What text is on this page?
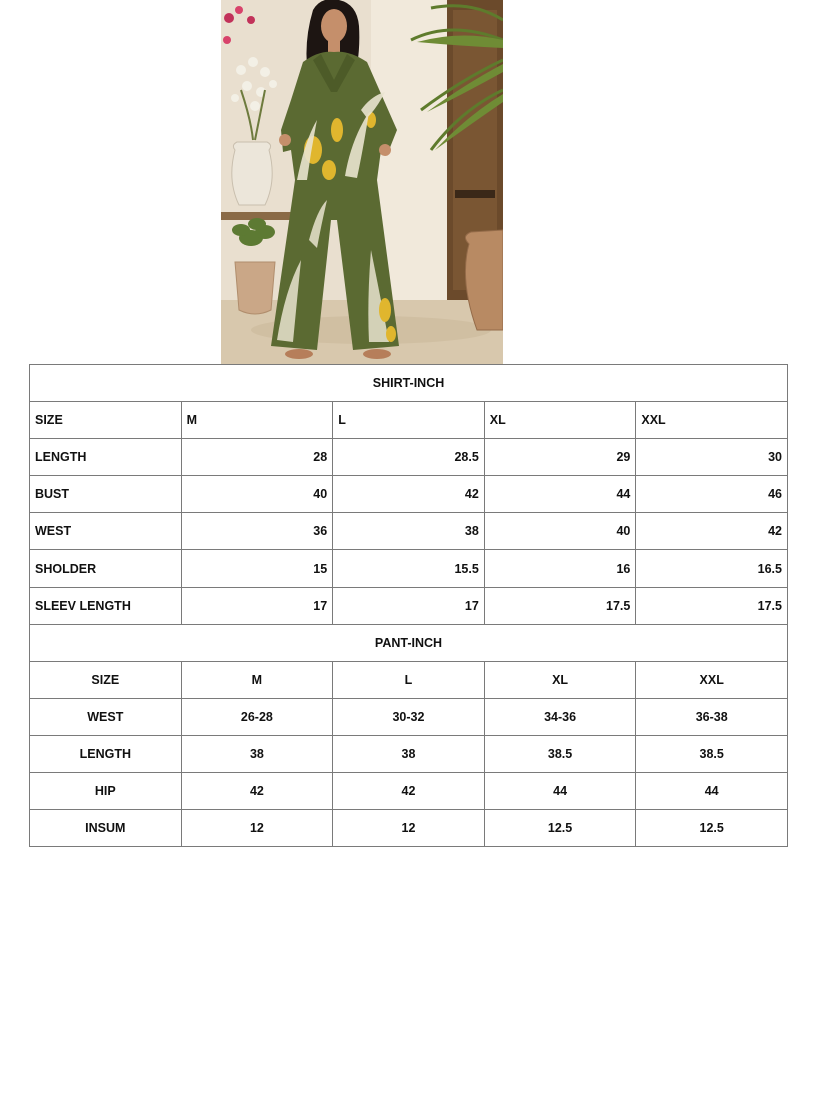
SHIRT-INCH				
SIZE	M	L	XL	XXL
LENGTH	28	28.5	29	30
BUST	40	42	44	46
WEST	36	38	40	42
SHOLDER	15	15.5	16	16.5
SLEEV LENGTH	17	17	17.5	17.5
PANT-INCH				
SIZE	M	L	XL	XXL
WEST	26-28	30-32	34-36	36-38
LENGTH	38	38	38.5	38.5
HIP	42	42	44	44
INSUM	12	12	12.5	12.5
